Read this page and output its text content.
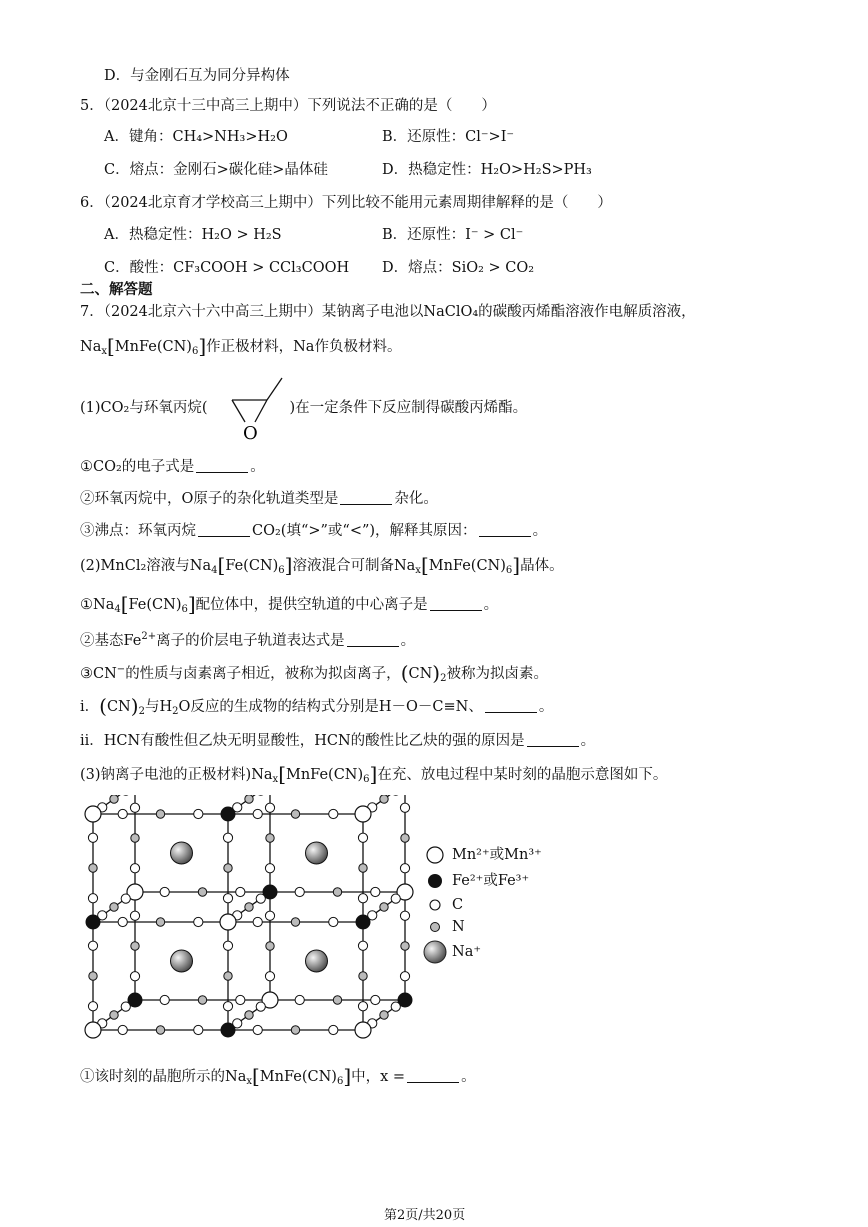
D．与金刚石互为同分异构体
5．（2024北京十三中高三上期中）下列说法不正确的是（　　）
A．键角：CH₄>NH₃>H₂O	B．还原性：Cl⁻>I⁻
C．熔点：金刚石>碳化硅>晶体硅	D．热稳定性：H₂O>H₂S>PH₃
6．（2024北京育才学校高三上期中）下列比较不能用元素周期律解释的是（　　）
A．热稳定性：H₂O > H₂S	B．还原性：I⁻ > Cl⁻
C．酸性：CF₃COOH > CCl₃COOH D．熔点：SiO₂ > CO₂
二、解答题
7．（2024北京六十六中高三上期中）某钠离子电池以NaClO₄的碳酸丙烯酯溶液作电解质溶液，
$Na_x[MnFe(CN)_6]$作正极材料，Na作负极材料。
(1)CO₂与环氧丙烷(	)在一定条件下反应制得碳酸丙烯酯。
O
①CO₂的电子式是	。
②环氧丙烷中，O原子的杂化轨道类型是	杂化。
③沸点：环氧丙烷	CO₂(填“>”或“<”)，解释其原因：	。
(2)MnCl₂溶液与$Na_4[Fe(CN)_6]$溶液混合可制备$Na_x[MnFe(CN)_6]$晶体。
$①Na_4[Fe(CN)_6]$配位体中，提供空轨道的中心离子是	。
②基态$Fe^{2+}$离子的价层电子轨道表达式是	。
③CN−的性质与卤素离子相近，被称为拟卤离子，$(CN)_2$被称为拟卤素。
i．$(CN)_2$与$H_2O$反应的生成物的结构式分别是H－O－C≡N、	。
ii．HCN有酸性但乙炔无明显酸性，HCN的酸性比乙炔的强的原因是	。
(3)钠离子电池的正极材料)$Na_x[MnFe(CN)_6]$在充、放电过程中某时刻的晶胞示意图如下。
Mn²⁺或Mn³⁺
Fe²⁺或Fe³⁺
C
N
Na⁺
①该时刻的晶胞所示的$Na_x[MnFe(CN)_6]$中，x =	。
第2页/共20页
